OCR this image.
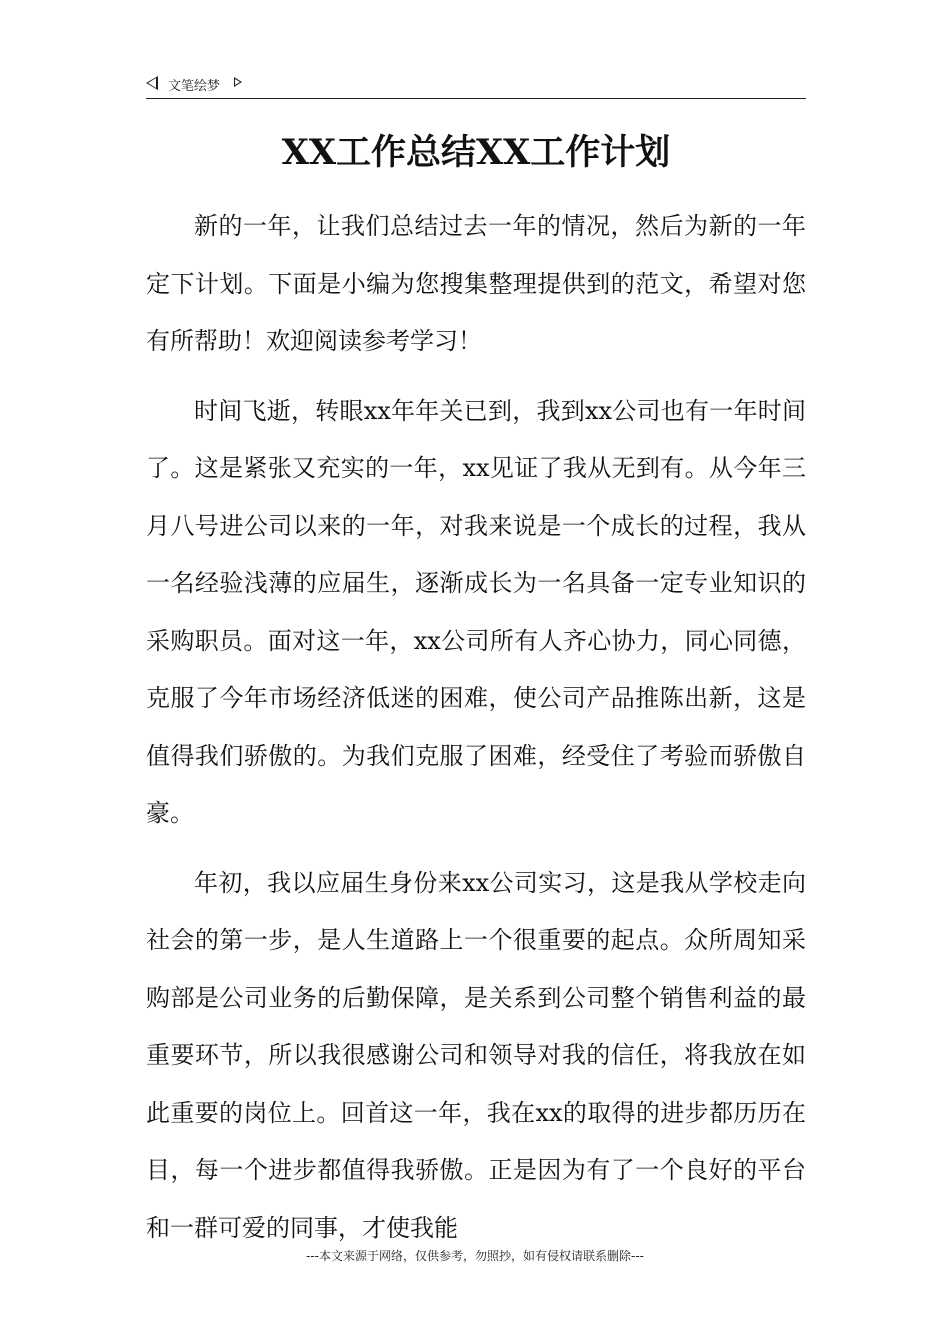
文笔绘梦
XX工作总结XX工作计划

新的一年，让我们总结过去一年的情况，然后为新的一年定下计划。下面是小编为您搜集整理提供到的范文，希望对您有所帮助！欢迎阅读参考学习！

时间飞逝，转眼xx年年关已到，我到xx公司也有一年时间了。这是紧张又充实的一年，xx见证了我从无到有。从今年三月八号进公司以来的一年，对我来说是一个成长的过程，我从一名经验浅薄的应届生，逐渐成长为一名具备一定专业知识的采购职员。面对这一年，xx公司所有人齐心协力，同心同德，克服了今年市场经济低迷的困难，使公司产品推陈出新，这是值得我们骄傲的。为我们克服了困难，经受住了考验而骄傲自豪。

年初，我以应届生身份来xx公司实习，这是我从学校走向社会的第一步，是人生道路上一个很重要的起点。众所周知采购部是公司业务的后勤保障，是关系到公司整个销售利益的最重要环节，所以我很感谢公司和领导对我的信任，将我放在如此重要的岗位上。回首这一年，我在xx的取得的进步都历历在目，每一个进步都值得我骄傲。正是因为有了一个良好的平台和一群可爱的同事，才使我能

---本文来源于网络，仅供参考，勿照抄，如有侵权请联系删除---
